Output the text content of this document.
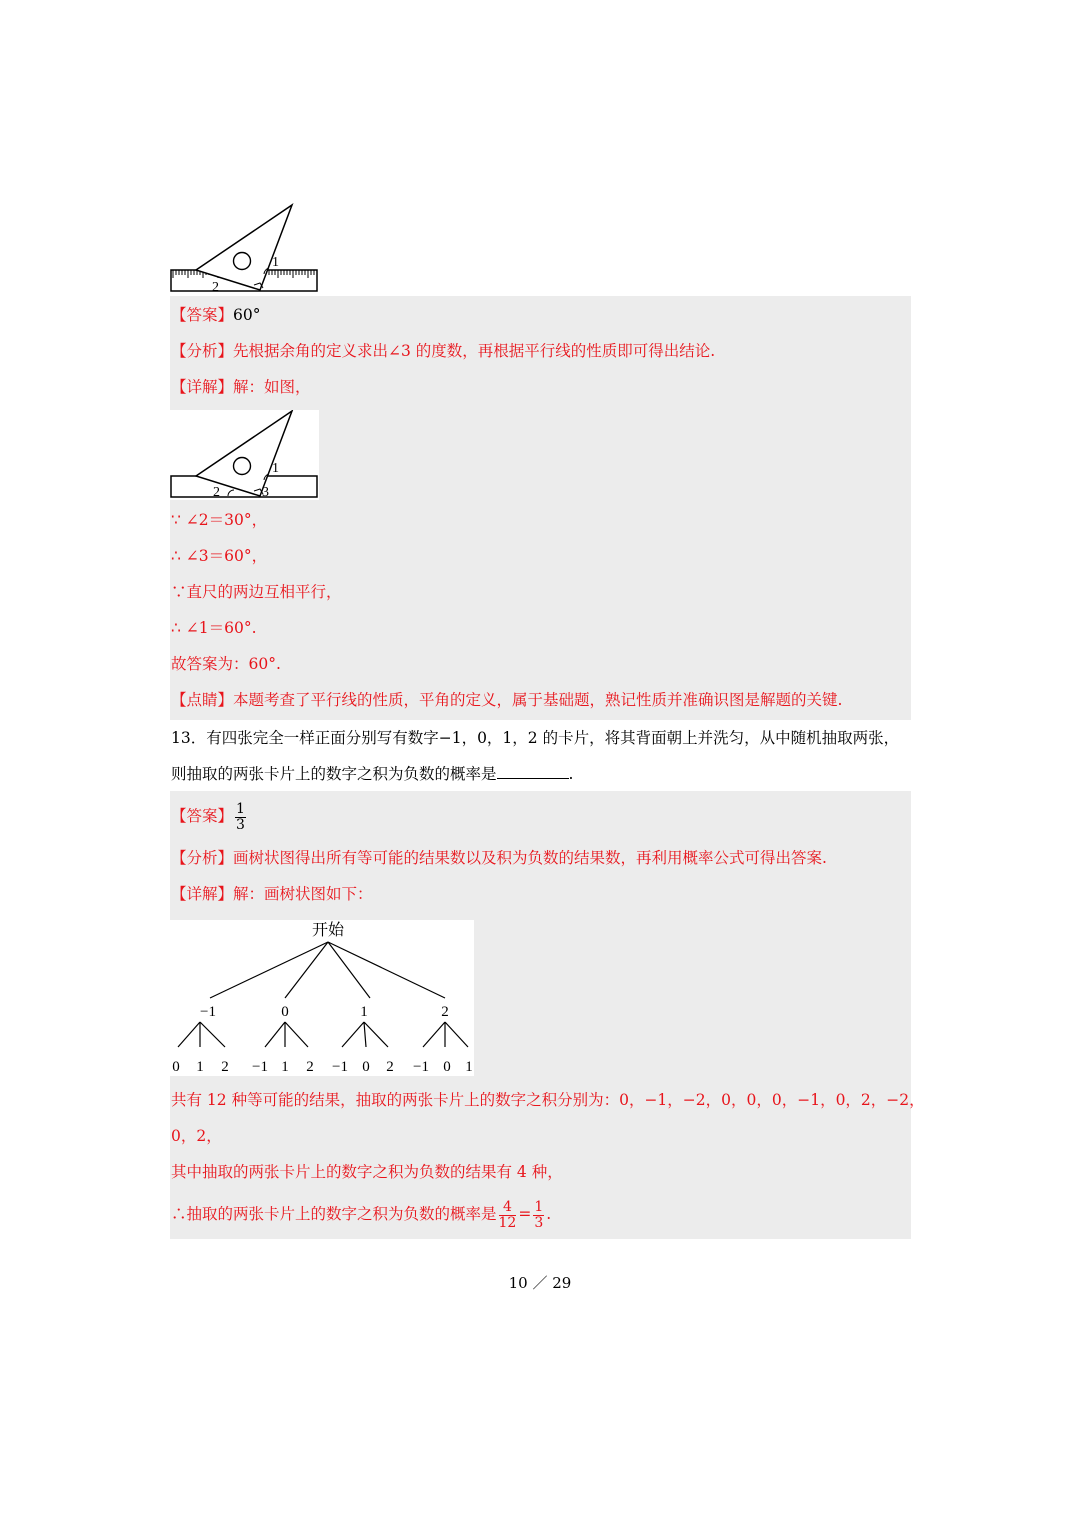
1
2
【答案】60°
【分析】先根据余角的定义求出∠3 的度数，再根据平行线的性质即可得出结论.
【详解】解：如图，
1
2	3
∵ ∠2＝30°，
∴ ∠3＝60°，
∵直尺的两边互相平行，
∴ ∠1＝60°.
故答案为：60°.
【点睛】本题考查了平行线的性质，平角的定义，属于基础题，熟记性质并准确识图是解题的关键.
13．有四张完全一样正面分别写有数字−1，0，1，2 的卡片，将其背面朝上并洗匀，从中随机抽取两张，
则抽取的两张卡片上的数字之积为负数的概率是	.
【答案】 $\frac{1}{3}$
【分析】画树状图得出所有等可能的结果数以及积为负数的结果数，再利用概率公式可得出答案.
【详解】解：画树状图如下：
开始
−1	0	1	2
0 1 2 −1 1 2 −1 0 2 −1 0 1
共有 12 种等可能的结果，抽取的两张卡片上的数字之积分别为：0，−1，−2，0，0，0，−1，0，2，−2，
0，2，
其中抽取的两张卡片上的数字之积为负数的结果有 4 种，
∴抽取的两张卡片上的数字之积为负数的概率是 $\frac{4}{12} = \frac{1}{3}$ .
10 ／ 29
